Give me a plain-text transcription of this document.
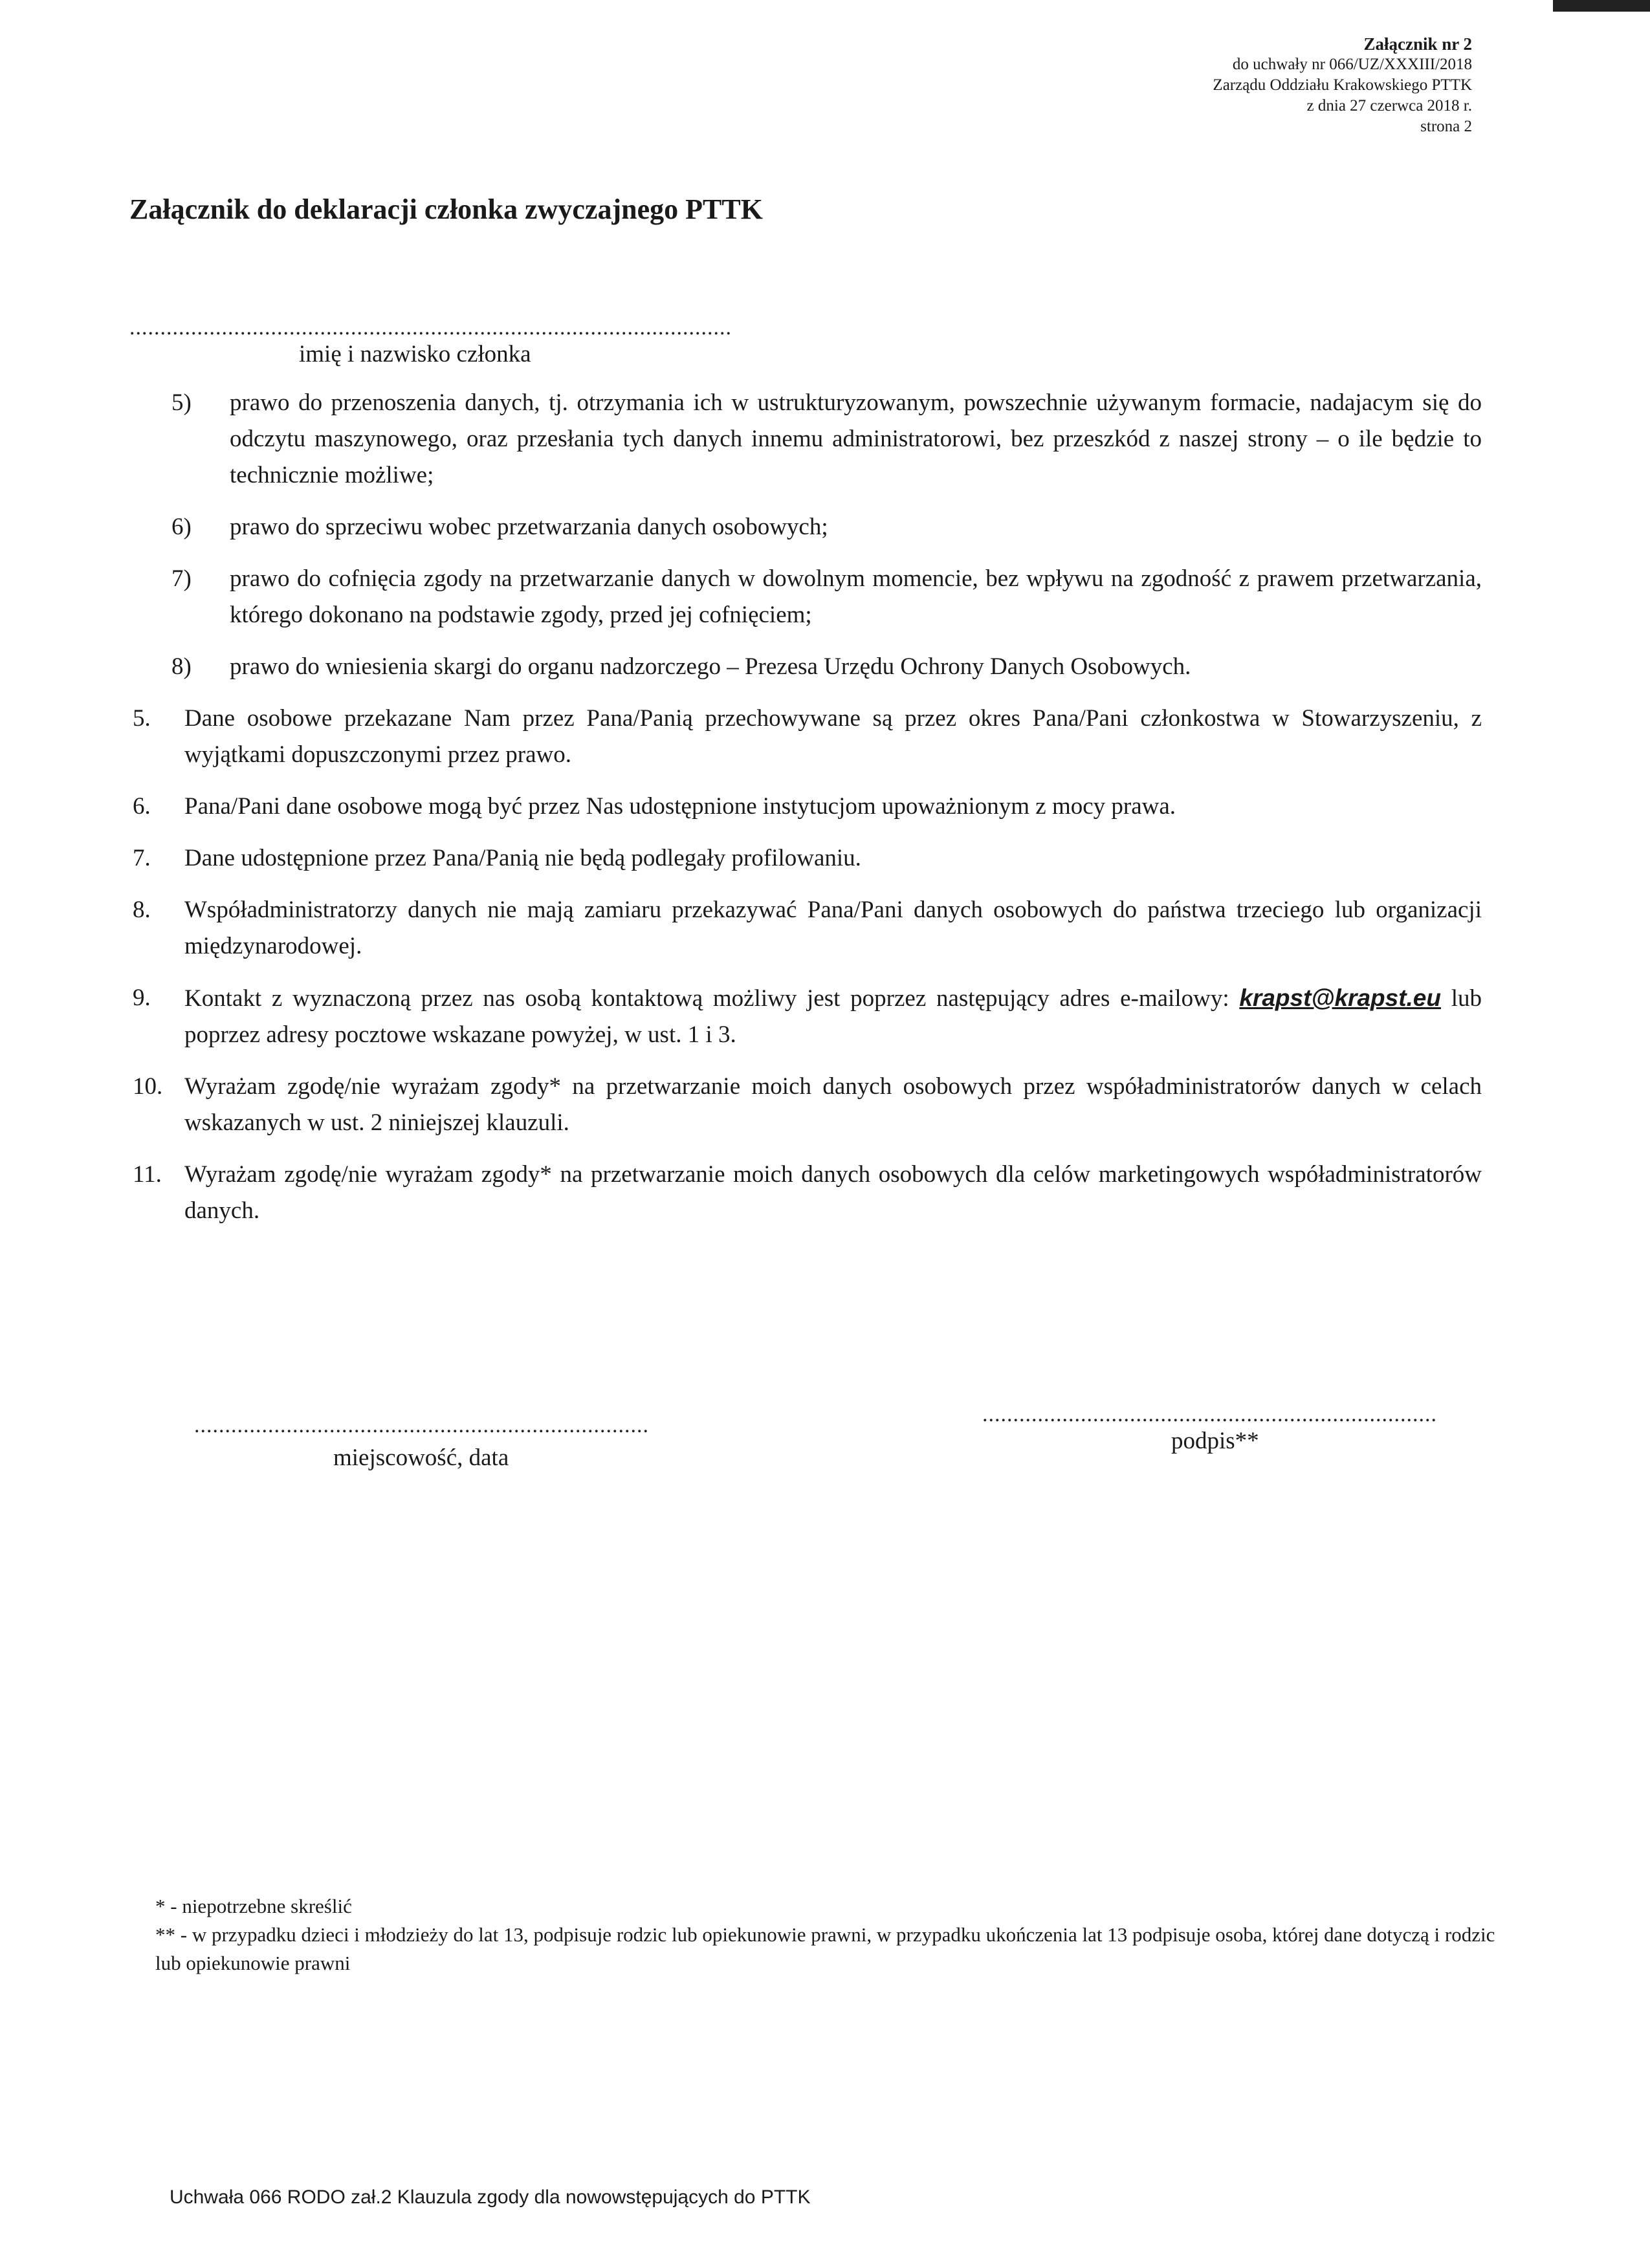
Załącznik nr 2
do uchwały nr 066/UZ/XXXIII/2018
Zarządu Oddziału Krakowskiego PTTK
z dnia 27 czerwca 2018 r.
strona 2
Załącznik do deklaracji członka zwyczajnego PTTK
..................................................................................................
imię i nazwisko członka
5) prawo do przenoszenia danych, tj. otrzymania ich w ustrukturyzowanym, powszechnie używanym formacie, nadajacym się do odczytu maszynowego, oraz przesłania tych danych innemu administratorowi, bez przeszkód z naszej strony – o ile będzie to technicznie możliwe;
6) prawo do sprzeciwu wobec przetwarzania danych osobowych;
7) prawo do cofnięcia zgody na przetwarzanie danych w dowolnym momencie, bez wpływu na zgodność z prawem przetwarzania, którego dokonano na podstawie zgody, przed jej cofnięciem;
8) prawo do wniesienia skargi do organu nadzorczego – Prezesa Urzędu Ochrony Danych Osobowych.
5. Dane osobowe przekazane Nam przez Pana/Panią przechowywane są przez okres Pana/Pani członkostwa w Stowarzyszeniu, z wyjątkami dopuszczonymi przez prawo.
6. Pana/Pani dane osobowe mogą być przez Nas udostępnione instytucjom upoważnionym z mocy prawa.
7. Dane udostępnione przez Pana/Panią nie będą podlegały profilowaniu.
8. Współadministratorzy danych nie mają zamiaru przekazywać Pana/Pani danych osobowych do państwa trzeciego lub organizacji międzynarodowej.
9. Kontakt z wyznaczoną przez nas osobą kontaktową możliwy jest poprzez następujący adres e-mailowy: krapst@krapst.eu lub poprzez adresy pocztowe wskazane powyżej, w ust. 1 i 3.
10. Wyrażam zgodę/nie wyrażam zgody* na przetwarzanie moich danych osobowych przez współadministratorów danych w celach wskazanych w ust. 2 niniejszej klauzuli.
11. Wyrażam zgodę/nie wyrażam zgody* na przetwarzanie moich danych osobowych dla celów marketingowych współadministratorów danych.
..........................................................................
miejscowość, data
..........................................................................
podpis**
* - niepotrzebne skreślić
** - w przypadku dzieci i młodzieży do lat 13, podpisuje rodzic lub opiekunowie prawni, w przypadku ukończenia lat 13 podpisuje osoba, której dane dotyczą i rodzic lub opiekunowie prawni
Uchwała 066 RODO zał.2 Klauzula zgody dla nowowstępujących do PTTK
